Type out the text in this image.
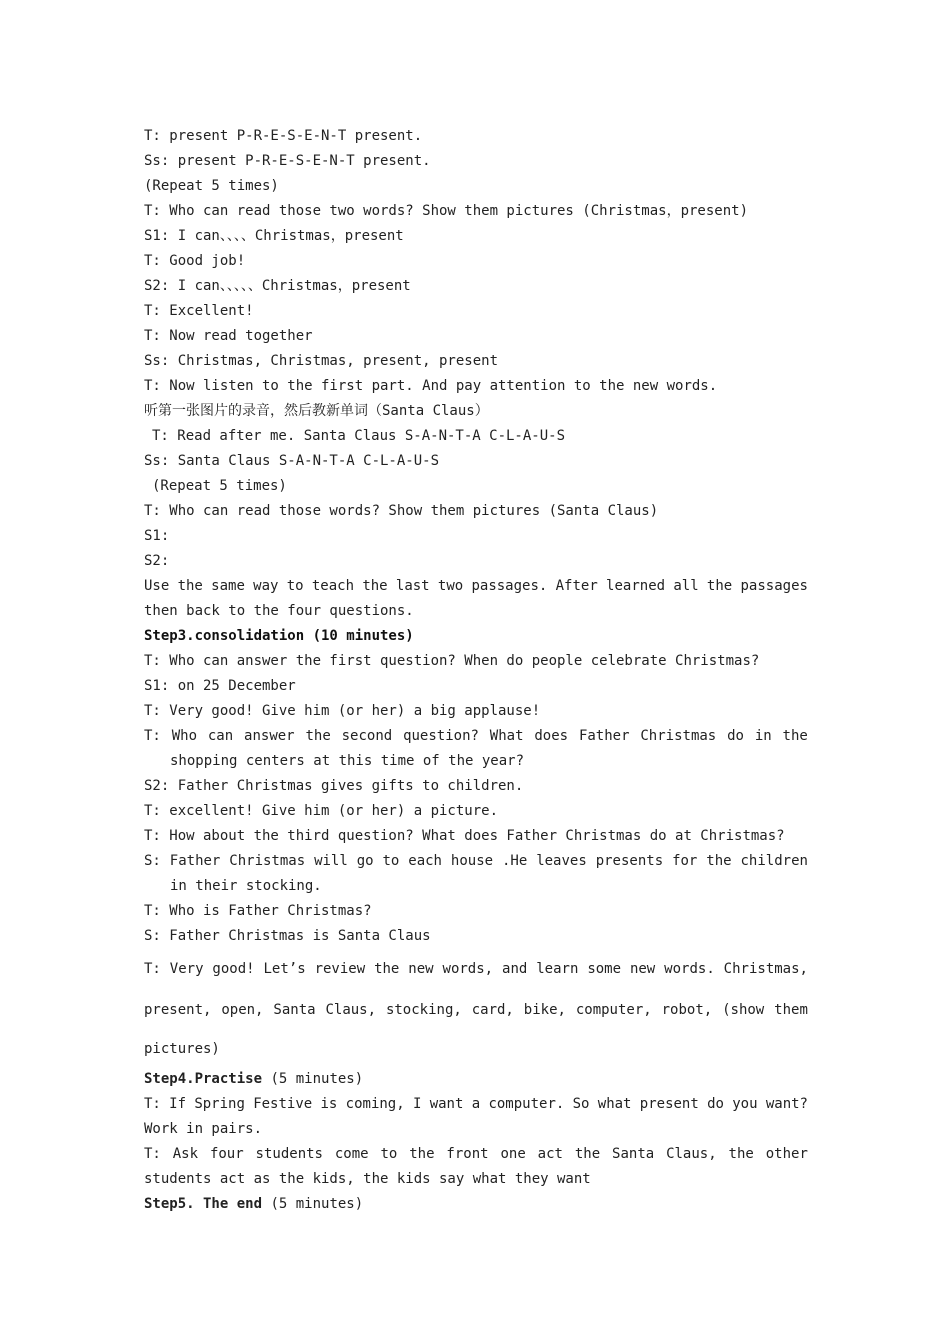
T: present P-R-E-S-E-N-T present.
Ss: present P-R-E-S-E-N-T present.
(Repeat 5 times)
T: Who can read those two words? Show them pictures (Christmas，present)
S1: I can、、、、Christmas，present
T: Good job!
S2: I can、、、、、Christmas，present
T: Excellent!
T: Now read together
Ss: Christmas, Christmas, present, present
T: Now listen to the first part. And pay attention to the new words.
听第一张图片的录音，然后教新单词（Santa Claus）
T: Read after me. Santa Claus S-A-N-T-A C-L-A-U-S
Ss: Santa Claus S-A-N-T-A C-L-A-U-S
(Repeat 5 times)
T: Who can read those words? Show them pictures (Santa Claus)
S1:
S2:
Use the same way to teach the last two passages. After learned all the passages
then back to the four questions.
Step3.consolidation (10 minutes)
T: Who can answer the first question? When do people celebrate Christmas?
S1: on 25 December
T: Very good! Give him (or her) a big applause!
T: Who can answer the second question? What does Father Christmas do in the
shopping centers at this time of the year?
S2: Father Christmas gives gifts to children.
T: excellent! Give him (or her) a picture.
T: How about the third question? What does Father Christmas do at Christmas?
S: Father Christmas will go to each house .He leaves presents for the children
in their stocking.
T: Who is Father Christmas?
S: Father Christmas is Santa Claus
T: Very good! Let’s review the new words, and learn some new words. Christmas,
present, open, Santa Claus, stocking, card, bike, computer, robot, (show them
pictures)
Step4.Practise (5 minutes)
T: If Spring Festive is coming, I want a computer. So what present do you want?
Work in pairs.
T: Ask four students come to the front one act the Santa Claus, the other
students act as the kids, the kids say what they want
Step5. The end (5 minutes)
